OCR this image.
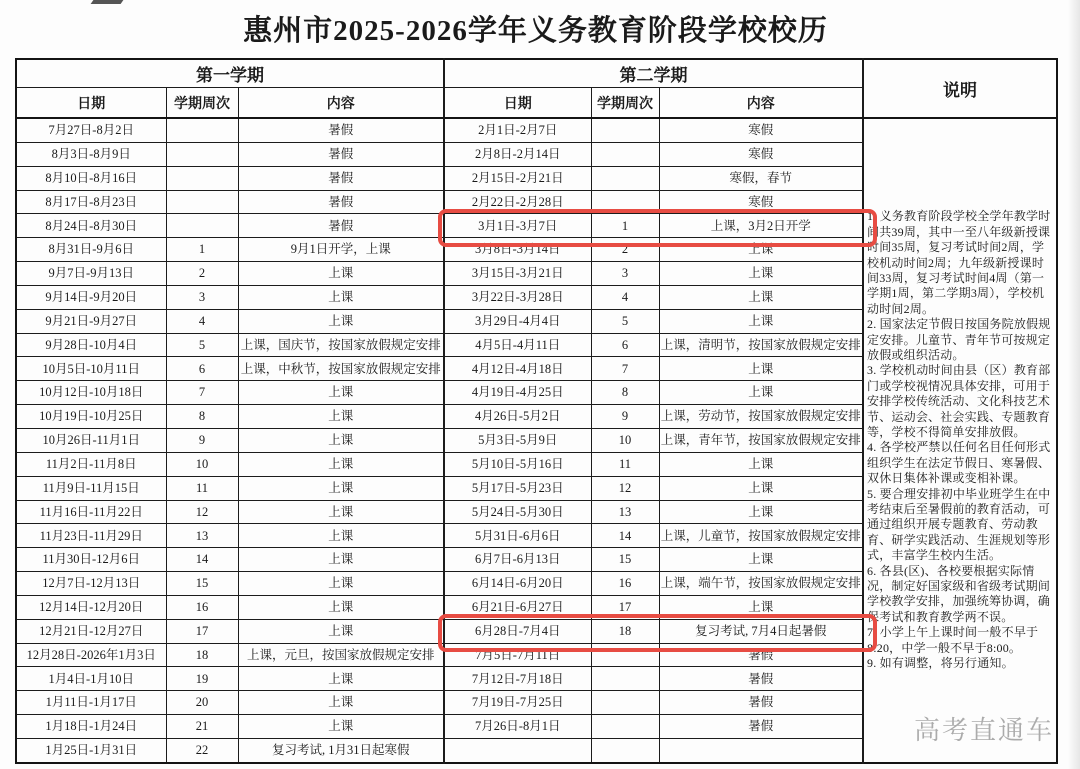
惠州市2025-2026学年义务教育阶段学校校历
第一学期			第二学期			说明
日期	学期周次	内容	日期	学期周次	内容	
7月27日-8月2日		暑假	2月1日-2月7日		寒假	
1. 义务教育阶段学校全学年教学时间共39周，其中一至八年级新授课时间35周，复习考试时间2周，学校机动时间2周；九年级新授课时间33周，复习考试时间4周（第一学期1周，第二学期3周），学校机动时间2周。
2. 国家法定节假日按国务院放假规定安排。儿童节、青年节可按规定放假或组织活动。
3. 学校机动时间由县（区）教育部门或学校视情况具体安排，可用于安排学校传统活动、文化科技艺术节、运动会、社会实践、专题教育等，学校不得简单安排放假。
4. 各学校严禁以任何名目任何形式组织学生在法定节假日、寒暑假、双休日集体补课或变相补课。
5. 要合理安排初中毕业班学生在中考结束后至暑假前的教育活动，可通过组织开展专题教育、劳动教育、研学实践活动、生涯规划等形式，丰富学生校内生活。
6. 各县(区)、各校要根据实际情况，制定好国家级和省级考试期间学校教学安排，加强统筹协调，确保考试和教育教学两不误。
7. 小学上午上课时间一般不早于8:20，中学一般不早于8:00。
9. 如有调整，将另行通知。

8月3日-8月9日		暑假	2月8日-2月14日		寒假	
8月10日-8月16日		暑假	2月15日-2月21日		寒假，春节	
8月17日-8月23日		暑假	2月22日-2月28日		寒假	
8月24日-8月30日		暑假	3月1日-3月7日	1	上课，3月2日开学	
8月31日-9月6日	1	9月1日开学，上课	3月8日-3月14日	2	上课	
9月7日-9月13日	2	上课	3月15日-3月21日	3	上课	
9月14日-9月20日	3	上课	3月22日-3月28日	4	上课	
9月21日-9月27日	4	上课	3月29日-4月4日	5	上课	
9月28日-10月4日	5	上课，国庆节，按国家放假规定安排	4月5日-4月11日	6	上课，清明节，按国家放假规定安排	
10月5日-10月11日	6	上课，中秋节，按国家放假规定安排	4月12日-4月18日	7	上课	
10月12日-10月18日	7	上课	4月19日-4月25日	8	上课	
10月19日-10月25日	8	上课	4月26日-5月2日	9	上课，劳动节，按国家放假规定安排	
10月26日-11月1日	9	上课	5月3日-5月9日	10	上课，青年节，按国家放假规定安排	
11月2日-11月8日	10	上课	5月10日-5月16日	11	上课	
11月9日-11月15日	11	上课	5月17日-5月23日	12	上课	
11月16日-11月22日	12	上课	5月24日-5月30日	13	上课	
11月23日-11月29日	13	上课	5月31日-6月6日	14	上课，儿童节，按国家放假规定安排	
11月30日-12月6日	14	上课	6月7日-6月13日	15	上课	
12月7日-12月13日	15	上课	6月14日-6月20日	16	上课，端午节，按国家放假规定安排	
12月14日-12月20日	16	上课	6月21日-6月27日	17	上课	
12月21日-12月27日	17	上课	6月28日-7月4日	18	复习考试, 7月4日起暑假	
12月28日-2026年1月3日	18	上课，元旦，按国家放假规定安排	7月5日-7月11日		暑假	
1月4日-1月10日	19	上课	7月12日-7月18日		暑假	
1月11日-1月17日	20	上课	7月19日-7月25日		暑假	
1月18日-1月24日	21	上课	7月26日-8月1日		暑假	
1月25日-1月31日	22	复习考试, 1月31日起寒假				
高考直通车
